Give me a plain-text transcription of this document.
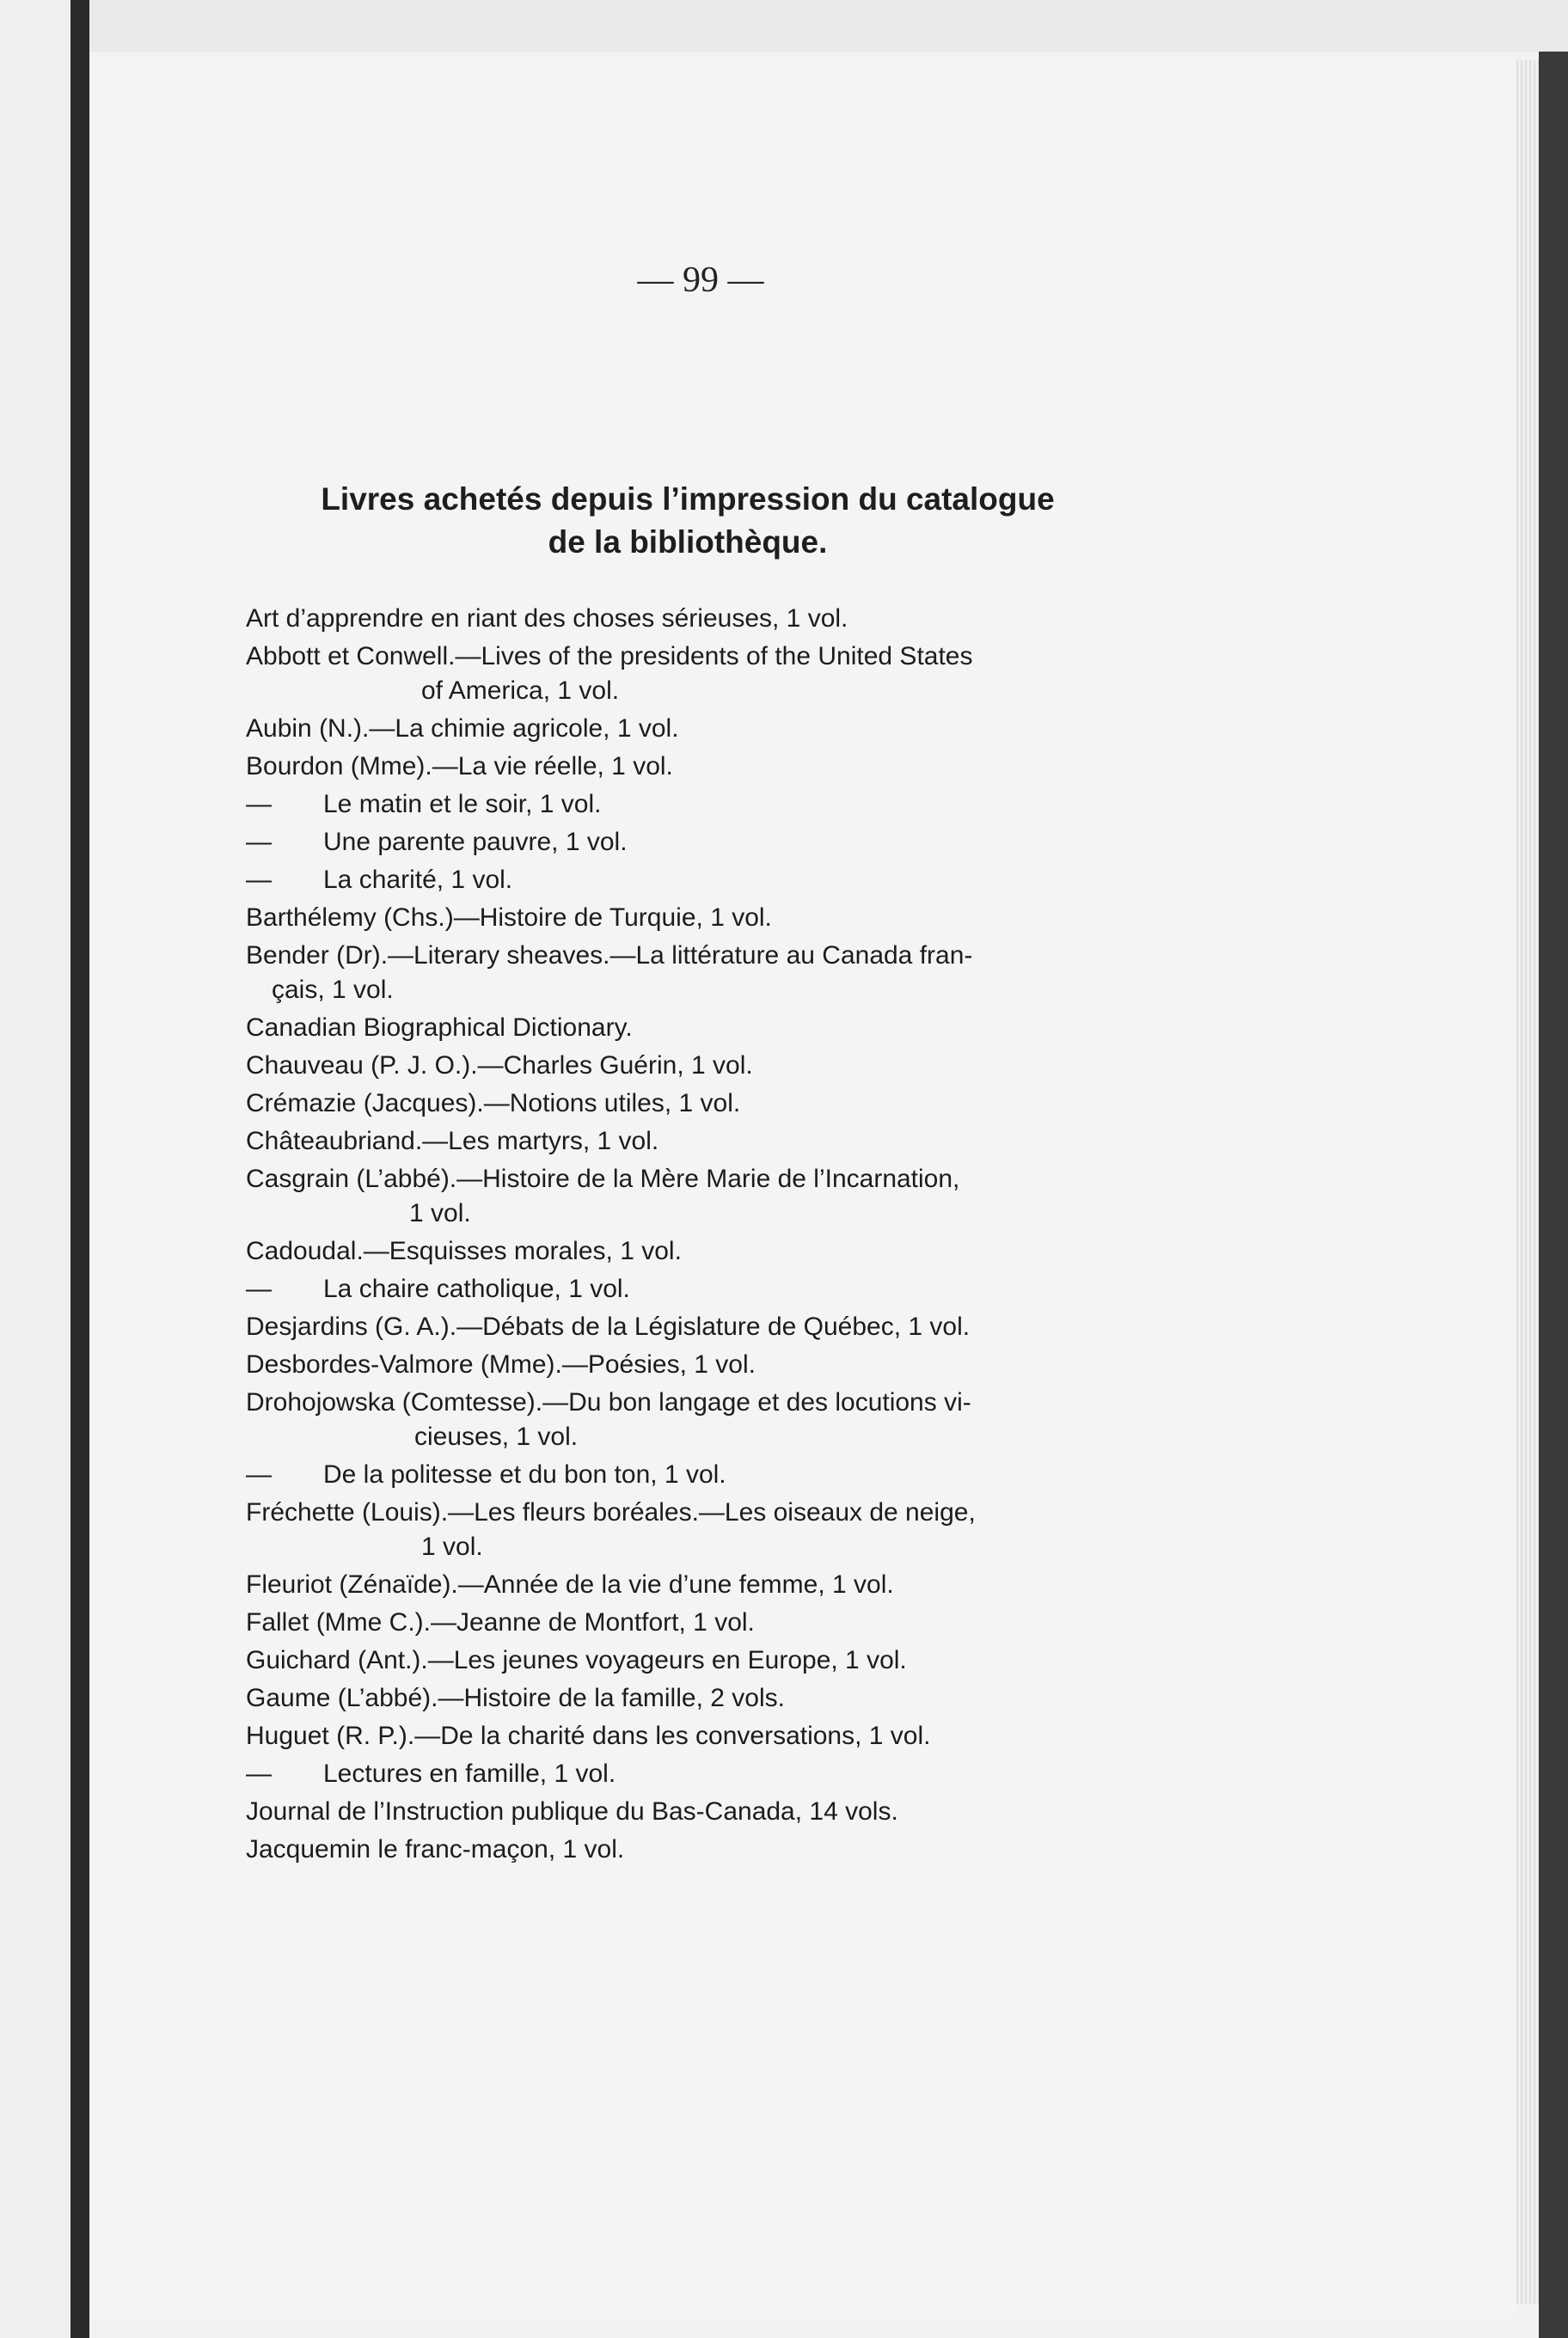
— 99 —
Livres achetés depuis l’impression du catalogue
de la bibliothèque.
Art d’apprendre en riant des choses sérieuses, 1 vol.
Abbott et Conwell.—Lives of the presidents of the United States
of America, 1 vol.
Aubin (N.).—La chimie agricole, 1 vol.
Bourdon (Mme).—La vie réelle, 1 vol.
— Le matin et le soir, 1 vol.
— Une parente pauvre, 1 vol.
— La charité, 1 vol.
Barthélemy (Chs.)—Histoire de Turquie, 1 vol.
Bender (Dr).—Literary sheaves.—La littérature au Canada fran-
çais, 1 vol.
Canadian Biographical Dictionary.
Chauveau (P. J. O.).—Charles Guérin, 1 vol.
Crémazie (Jacques).—Notions utiles, 1 vol.
Châteaubriand.—Les martyrs, 1 vol.
Casgrain (L’abbé).—Histoire de la Mère Marie de l’Incarnation,
1 vol.
Cadoudal.—Esquisses morales, 1 vol.
— La chaire catholique, 1 vol.
Desjardins (G. A.).—Débats de la Législature de Québec, 1 vol.
Desbordes-Valmore (Mme).—Poésies, 1 vol.
Drohojowska (Comtesse).—Du bon langage et des locutions vi-
cieuses, 1 vol.
— De la politesse et du bon ton, 1 vol.
Fréchette (Louis).—Les fleurs boréales.—Les oiseaux de neige,
1 vol.
Fleuriot (Zénaïde).—Année de la vie d’une femme, 1 vol.
Fallet (Mme C.).—Jeanne de Montfort, 1 vol.
Guichard (Ant.).—Les jeunes voyageurs en Europe, 1 vol.
Gaume (L’abbé).—Histoire de la famille, 2 vols.
Huguet (R. P.).—De la charité dans les conversations, 1 vol.
— Lectures en famille, 1 vol.
Journal de l’Instruction publique du Bas-Canada, 14 vols.
Jacquemin le franc-maçon, 1 vol.
